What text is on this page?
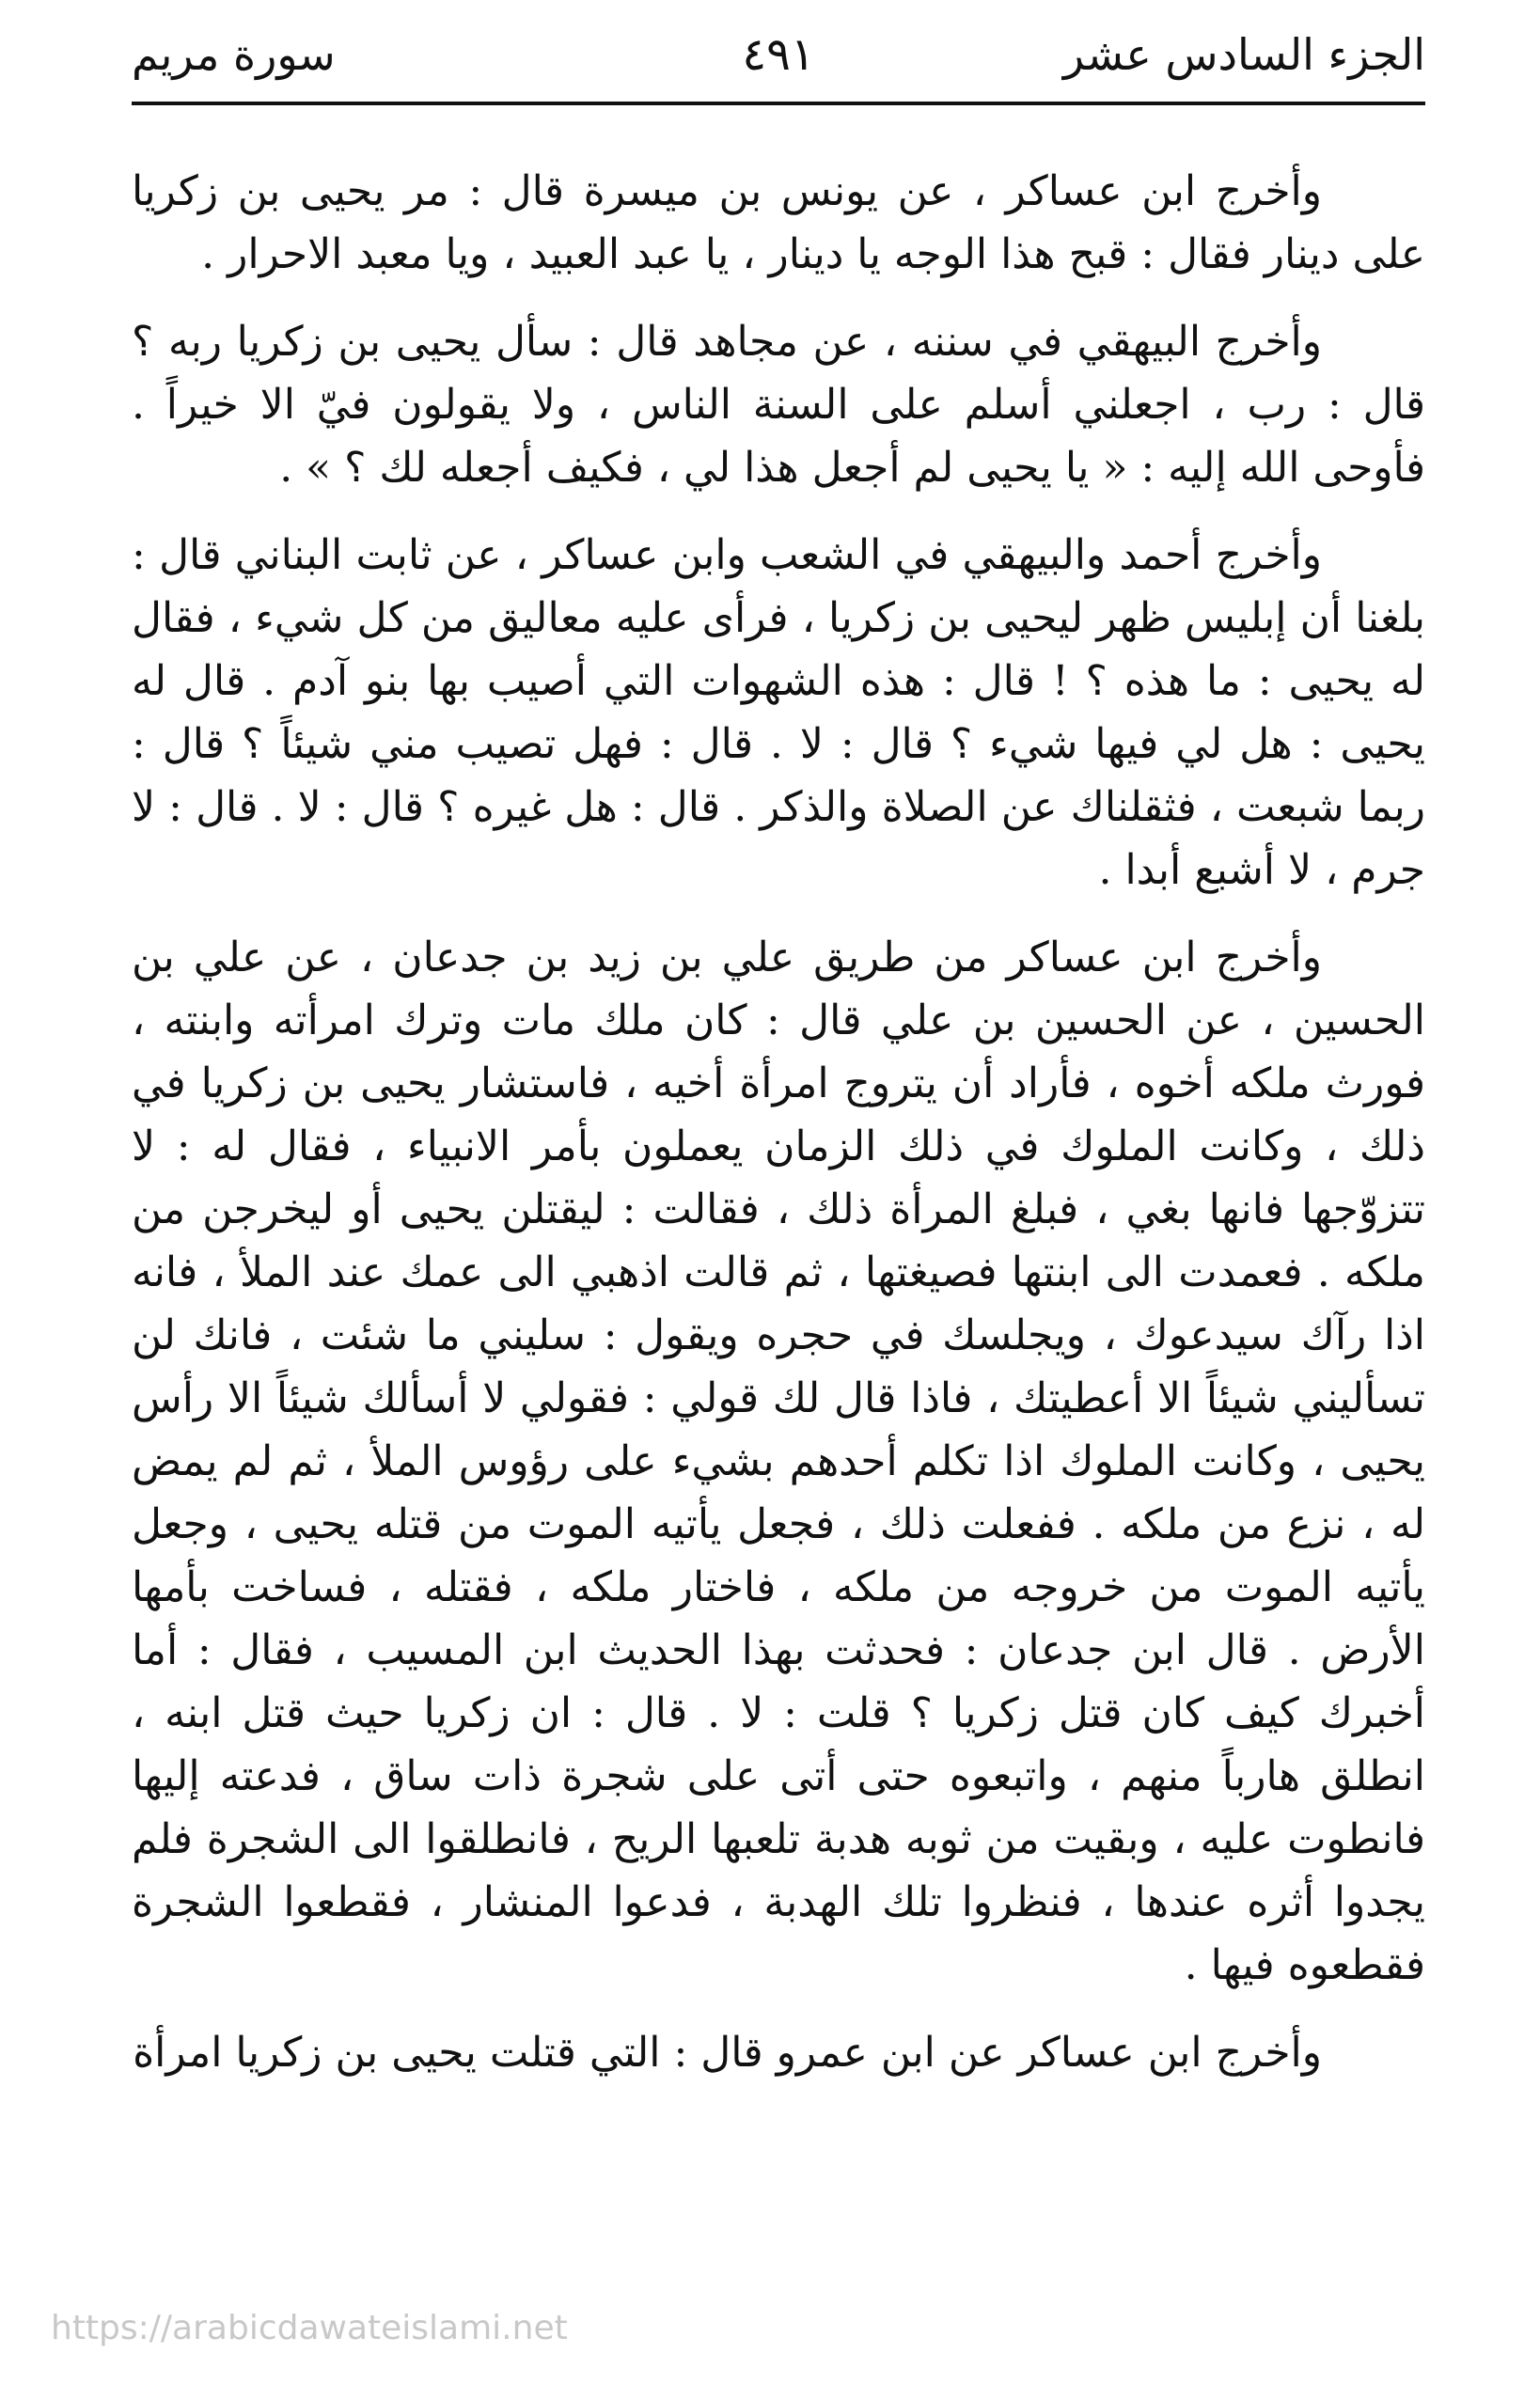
الجزء السادس عشر
٤٩١
سورة مريم

وأخرج ابن عساكر ، عن يونس بن ميسرة قال : مر يحيى بن زكريا على دينار فقال : قبح هذا الوجه يا دينار ، يا عبد العبيد ، ويا معبد الاحرار .

وأخرج البيهقي في سننه ، عن مجاهد قال : سأل يحيى بن زكريا ربه ؟ قال : رب ، اجعلني أسلم على السنة الناس ، ولا يقولون فيّ الا خيراً . فأوحى الله إليه : « يا يحيى لم أجعل هذا لي ، فكيف أجعله لك ؟ » .

وأخرج أحمد والبيهقي في الشعب وابن عساكر ، عن ثابت البناني قال : بلغنا أن إبليس ظهر ليحيى بن زكريا ، فرأى عليه معاليق من كل شيء ، فقال له يحيى : ما هذه ؟ ! قال : هذه الشهوات التي أصيب بها بنو آدم . قال له يحيى : هل لي فيها شيء ؟ قال : لا . قال : فهل تصيب مني شيئاً ؟ قال : ربما شبعت ، فثقلناك عن الصلاة والذكر . قال : هل غيره ؟ قال : لا . قال : لا جرم ، لا أشبع أبدا .

وأخرج ابن عساكر من طريق علي بن زيد بن جدعان ، عن علي بن الحسين ، عن الحسين بن علي قال : كان ملك مات وترك امرأته وابنته ، فورث ملكه أخوه ، فأراد أن يتروج امرأة أخيه ، فاستشار يحيى بن زكريا في ذلك ، وكانت الملوك في ذلك الزمان يعملون بأمر الانبياء ، فقال له : لا تتزوّجها فانها بغي ، فبلغ المرأة ذلك ، فقالت : ليقتلن يحيى أو ليخرجن من ملكه . فعمدت الى ابنتها فصيغتها ، ثم قالت اذهبي الى عمك عند الملأ ، فانه اذا رآك سيدعوك ، ويجلسك في حجره ويقول : سليني ما شئت ، فانك لن تسأليني شيئاً الا أعطيتك ، فاذا قال لك قولي : فقولي لا أسألك شيئاً الا رأس يحيى ، وكانت الملوك اذا تكلم أحدهم بشيء على رؤوس الملأ ، ثم لم يمض له ، نزع من ملكه . ففعلت ذلك ، فجعل يأتيه الموت من قتله يحيى ، وجعل يأتيه الموت من خروجه من ملكه ، فاختار ملكه ، فقتله ، فساخت بأمها الأرض . قال ابن جدعان : فحدثت بهذا الحديث ابن المسيب ، فقال : أما أخبرك كيف كان قتل زكريا ؟ قلت : لا . قال : ان زكريا حيث قتل ابنه ، انطلق هارباً منهم ، واتبعوه حتى أتى على شجرة ذات ساق ، فدعته إليها فانطوت عليه ، وبقيت من ثوبه هدبة تلعبها الريح ، فانطلقوا الى الشجرة فلم يجدوا أثره عندها ، فنظروا تلك الهدبة ، فدعوا المنشار ، فقطعوا الشجرة فقطعوه فيها .

وأخرج ابن عساكر عن ابن عمرو قال : التي قتلت يحيى بن زكريا امرأة

https://arabicdawateislami.net
